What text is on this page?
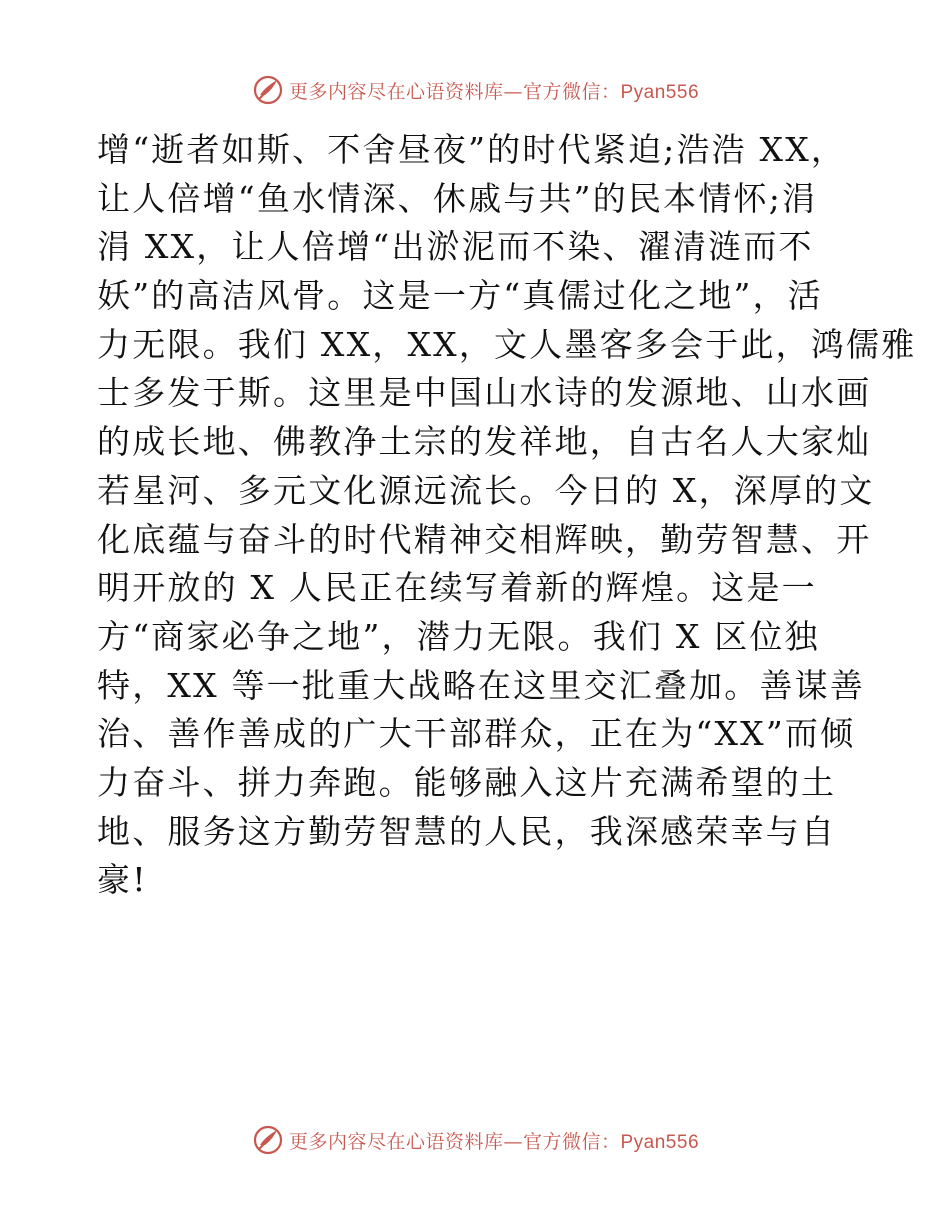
更多内容尽在心语资料库—官方微信：Pyan556
增“逝者如斯、不舍昼夜”的时代紧迫;浩浩 XX，
让人倍增“鱼水情深、休戚与共”的民本情怀;涓
涓 XX，让人倍增“出淤泥而不染、濯清涟而不
妖”的高洁风骨。这是一方“真儒过化之地”，活
力无限。我们 XX，XX，文人墨客多会于此，鸿儒雅
士多发于斯。这里是中国山水诗的发源地、山水画
的成长地、佛教净土宗的发祥地，自古名人大家灿
若星河、多元文化源远流长。今日的 X，深厚的文
化底蕴与奋斗的时代精神交相辉映，勤劳智慧、开
明开放的 X 人民正在续写着新的辉煌。这是一
方“商家必争之地”，潜力无限。我们 X 区位独
特，XX 等一批重大战略在这里交汇叠加。善谋善
治、善作善成的广大干部群众，正在为“XX”而倾
力奋斗、拼力奔跑。能够融入这片充满希望的土
地、服务这方勤劳智慧的人民，我深感荣幸与自
豪!
更多内容尽在心语资料库—官方微信：Pyan556
